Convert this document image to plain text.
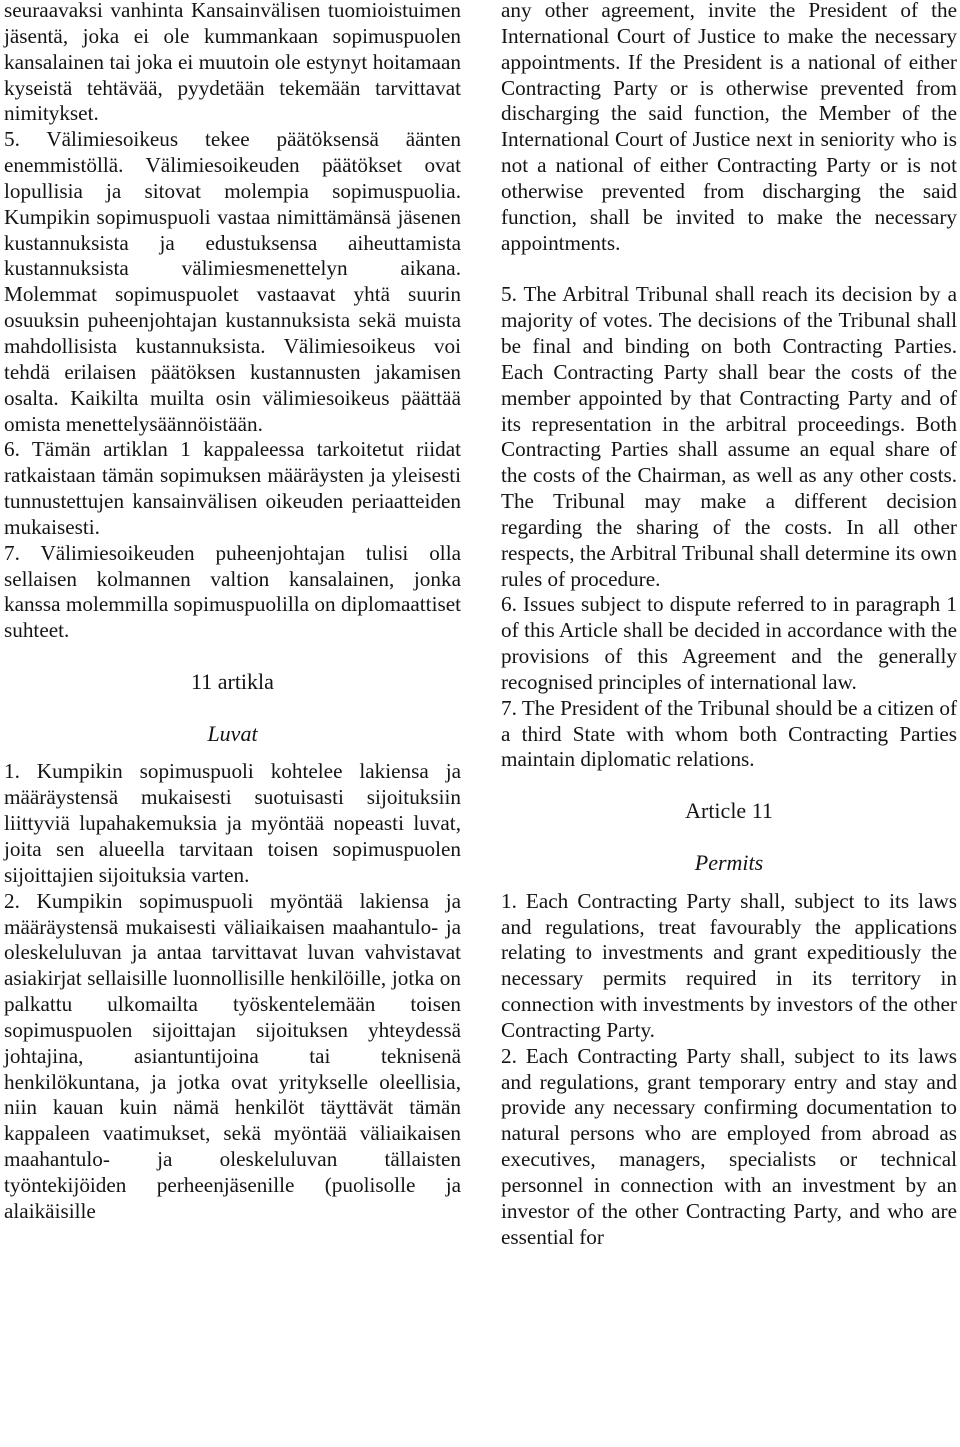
seuraavaksi vanhinta Kansainvälisen tuomioistuimen jäsentä, joka ei ole kummankaan sopimuspuolen kansalainen tai joka ei muutoin ole estynyt hoitamaan kyseistä tehtävää, pyydetään tekemään tarvittavat nimitykset.

5. Välimiesoikeus tekee päätöksensä äänten enemmistöllä. Välimiesoikeuden päätökset ovat lopullisia ja sitovat molempia sopimuspuolia. Kumpikin sopimuspuoli vastaa nimittämänsä jäsenen kustannuksista ja edustuksensa aiheuttamista kustannuksista välimiesmenettelyn aikana. Molemmat sopimuspuolet vastaavat yhtä suurin osuuksin puheenjohtajan kustannuksista sekä muista mahdollisista kustannuksista. Välimiesoikeus voi tehdä erilaisen päätöksen kustannusten jakamisen osalta. Kaikilta muilta osin välimiesoikeus päättää omista menettelysäännöistään.

6. Tämän artiklan 1 kappaleessa tarkoitetut riidat ratkaistaan tämän sopimuksen määräysten ja yleisesti tunnustettujen kansainvälisen oikeuden periaatteiden mukaisesti.

7. Välimiesoikeuden puheenjohtajan tulisi olla sellaisen kolmannen valtion kansalainen, jonka kanssa molemmilla sopimuspuolilla on diplomaattiset suhteet.

11 artikla
Luvat

1. Kumpikin sopimuspuoli kohtelee lakiensa ja määräystensä mukaisesti suotuisasti sijoituksiin liittyviä lupahakemuksia ja myöntää nopeasti luvat, joita sen alueella tarvitaan toisen sopimuspuolen sijoittajien sijoituksia varten.

2. Kumpikin sopimuspuoli myöntää lakiensa ja määräystensä mukaisesti väliaikaisen maahantulo- ja oleskeluluvan ja antaa tarvittavat luvan vahvistavat asiakirjat sellaisille luonnollisille henkilöille, jotka on palkattu ulkomailta työskentelemään toisen sopimuspuolen sijoittajan sijoituksen yhteydessä johtajina, asiantuntijoina tai teknisenä henkilökuntana, ja jotka ovat yritykselle oleellisia, niin kauan kuin nämä henkilöt täyttävät tämän kappaleen vaatimukset, sekä myöntää väliaikaisen maahantulo- ja oleskeluluvan tällaisten työntekijöiden perheenjäsenille (puolisolle ja alaikäisille

any other agreement, invite the President of the International Court of Justice to make the necessary appointments. If the President is a national of either Contracting Party or is otherwise prevented from discharging the said function, the Member of the International Court of Justice next in seniority who is not a national of either Contracting Party or is not otherwise prevented from discharging the said function, shall be invited to make the necessary appointments.

5. The Arbitral Tribunal shall reach its decision by a majority of votes. The decisions of the Tribunal shall be final and binding on both Contracting Parties. Each Contracting Party shall bear the costs of the member appointed by that Contracting Party and of its representation in the arbitral proceedings. Both Contracting Parties shall assume an equal share of the costs of the Chairman, as well as any other costs. The Tribunal may make a different decision regarding the sharing of the costs. In all other respects, the Arbitral Tribunal shall determine its own rules of procedure.

6. Issues subject to dispute referred to in paragraph 1 of this Article shall be decided in accordance with the provisions of this Agreement and the generally recognised principles of international law.

7. The President of the Tribunal should be a citizen of a third State with whom both Contracting Parties maintain diplomatic relations.

Article 11
Permits

1. Each Contracting Party shall, subject to its laws and regulations, treat favourably the applications relating to investments and grant expeditiously the necessary permits required in its territory in connection with investments by investors of the other Contracting Party.

2. Each Contracting Party shall, subject to its laws and regulations, grant temporary entry and stay and provide any necessary confirming documentation to natural persons who are employed from abroad as executives, managers, specialists or technical personnel in connection with an investment by an investor of the other Contracting Party, and who are essential for
